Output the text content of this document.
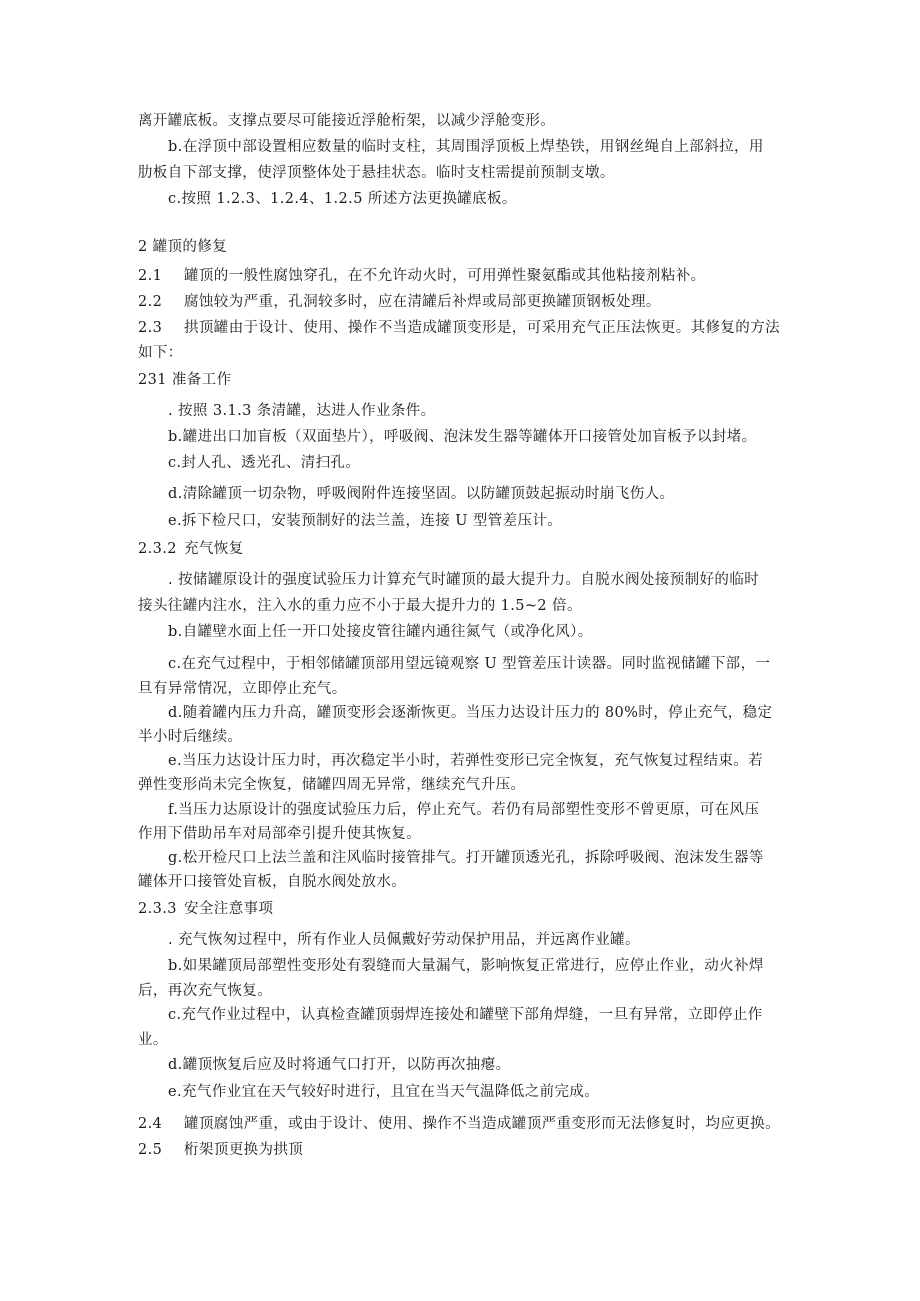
离开罐底板。支撑点要尽可能接近浮舱桁架，以减少浮舱变形。
b.在浮顶中部设置相应数量的临时支柱，其周围浮顶板上焊垫铁，用钢丝绳自上部斜拉，用
肋板自下部支撑，使浮顶整体处于悬挂状态。临时支柱需提前预制支墩。
c.按照 1.2.3、1.2.4、1.2.5 所述方法更换罐底板。
2 罐顶的修复
2.1 罐顶的一般性腐蚀穿孔，在不允许动火时，可用弹性聚氨酯或其他粘接剂粘补。
2.2 腐蚀较为严重，孔洞较多时，应在清罐后补焊或局部更换罐顶钢板处理。
2.3 拱顶罐由于设计、使用、操作不当造成罐顶变形是，可采用充气正压法恢更。其修复的方法
如下：
231 准备工作
. 按照 3.1.3 条清罐，达进人作业条件。
b.罐进出口加盲板（双面垫片），呼吸阀、泡沫发生器等罐体开口接管处加盲板予以封堵。
c.封人孔、透光孔、清扫孔。
d.清除罐顶一切杂物，呼吸阀附件连接坚固。以防罐顶鼓起振动时崩飞伤人。
e.拆下检尺口，安装预制好的法兰盖，连接 U 型管差压计。
2.3.2 充气恢复
. 按储罐原设计的强度试验压力计算充气时罐顶的最大提升力。自脱水阀处接预制好的临时
接头往罐内注水，注入水的重力应不小于最大提升力的 1.5~2 倍。
b.自罐壁水面上任一开口处接皮管往罐内通往氮气（或净化风）。
c.在充气过程中，于相邻储罐顶部用望远镜观察 U 型管差压计读器。同时监视储罐下部，一
旦有异常情况，立即停止充气。
d.随着罐内压力升高，罐顶变形会逐渐恢更。当压力达设计压力的 80%时，停止充气，稳定
半小时后继续。
e.当压力达设计压力时，再次稳定半小时，若弹性变形已完全恢复，充气恢复过程结束。若
弹性变形尚未完全恢复，储罐四周无异常，继续充气升压。
f.当压力达原设计的强度试验压力后，停止充气。若仍有局部塑性变形不曾更原，可在风压
作用下借助吊车对局部牵引提升使其恢复。
g.松开检尺口上法兰盖和注风临时接管排气。打开罐顶透光孔，拆除呼吸阀、泡沫发生器等
罐体开口接管处盲板，自脱水阀处放水。
2.3.3 安全注意事项
. 充气恢匆过程中，所有作业人员佩戴好劳动保护用品，并远离作业罐。
b.如果罐顶局部塑性变形处有裂缝而大量漏气，影响恢复正常进行，应停止作业，动火补焊
后，再次充气恢复。
c.充气作业过程中，认真检查罐顶弱焊连接处和罐壁下部角焊缝，一旦有异常，立即停止作
业。
d.罐顶恢复后应及时将通气口打开，以防再次抽瘪。
e.充气作业宜在天气较好时进行，且宜在当天气温降低之前完成。
2.4 罐顶腐蚀严重，或由于设计、使用、操作不当造成罐顶严重变形而无法修复时，均应更换。
2.5 桁架顶更换为拱顶
